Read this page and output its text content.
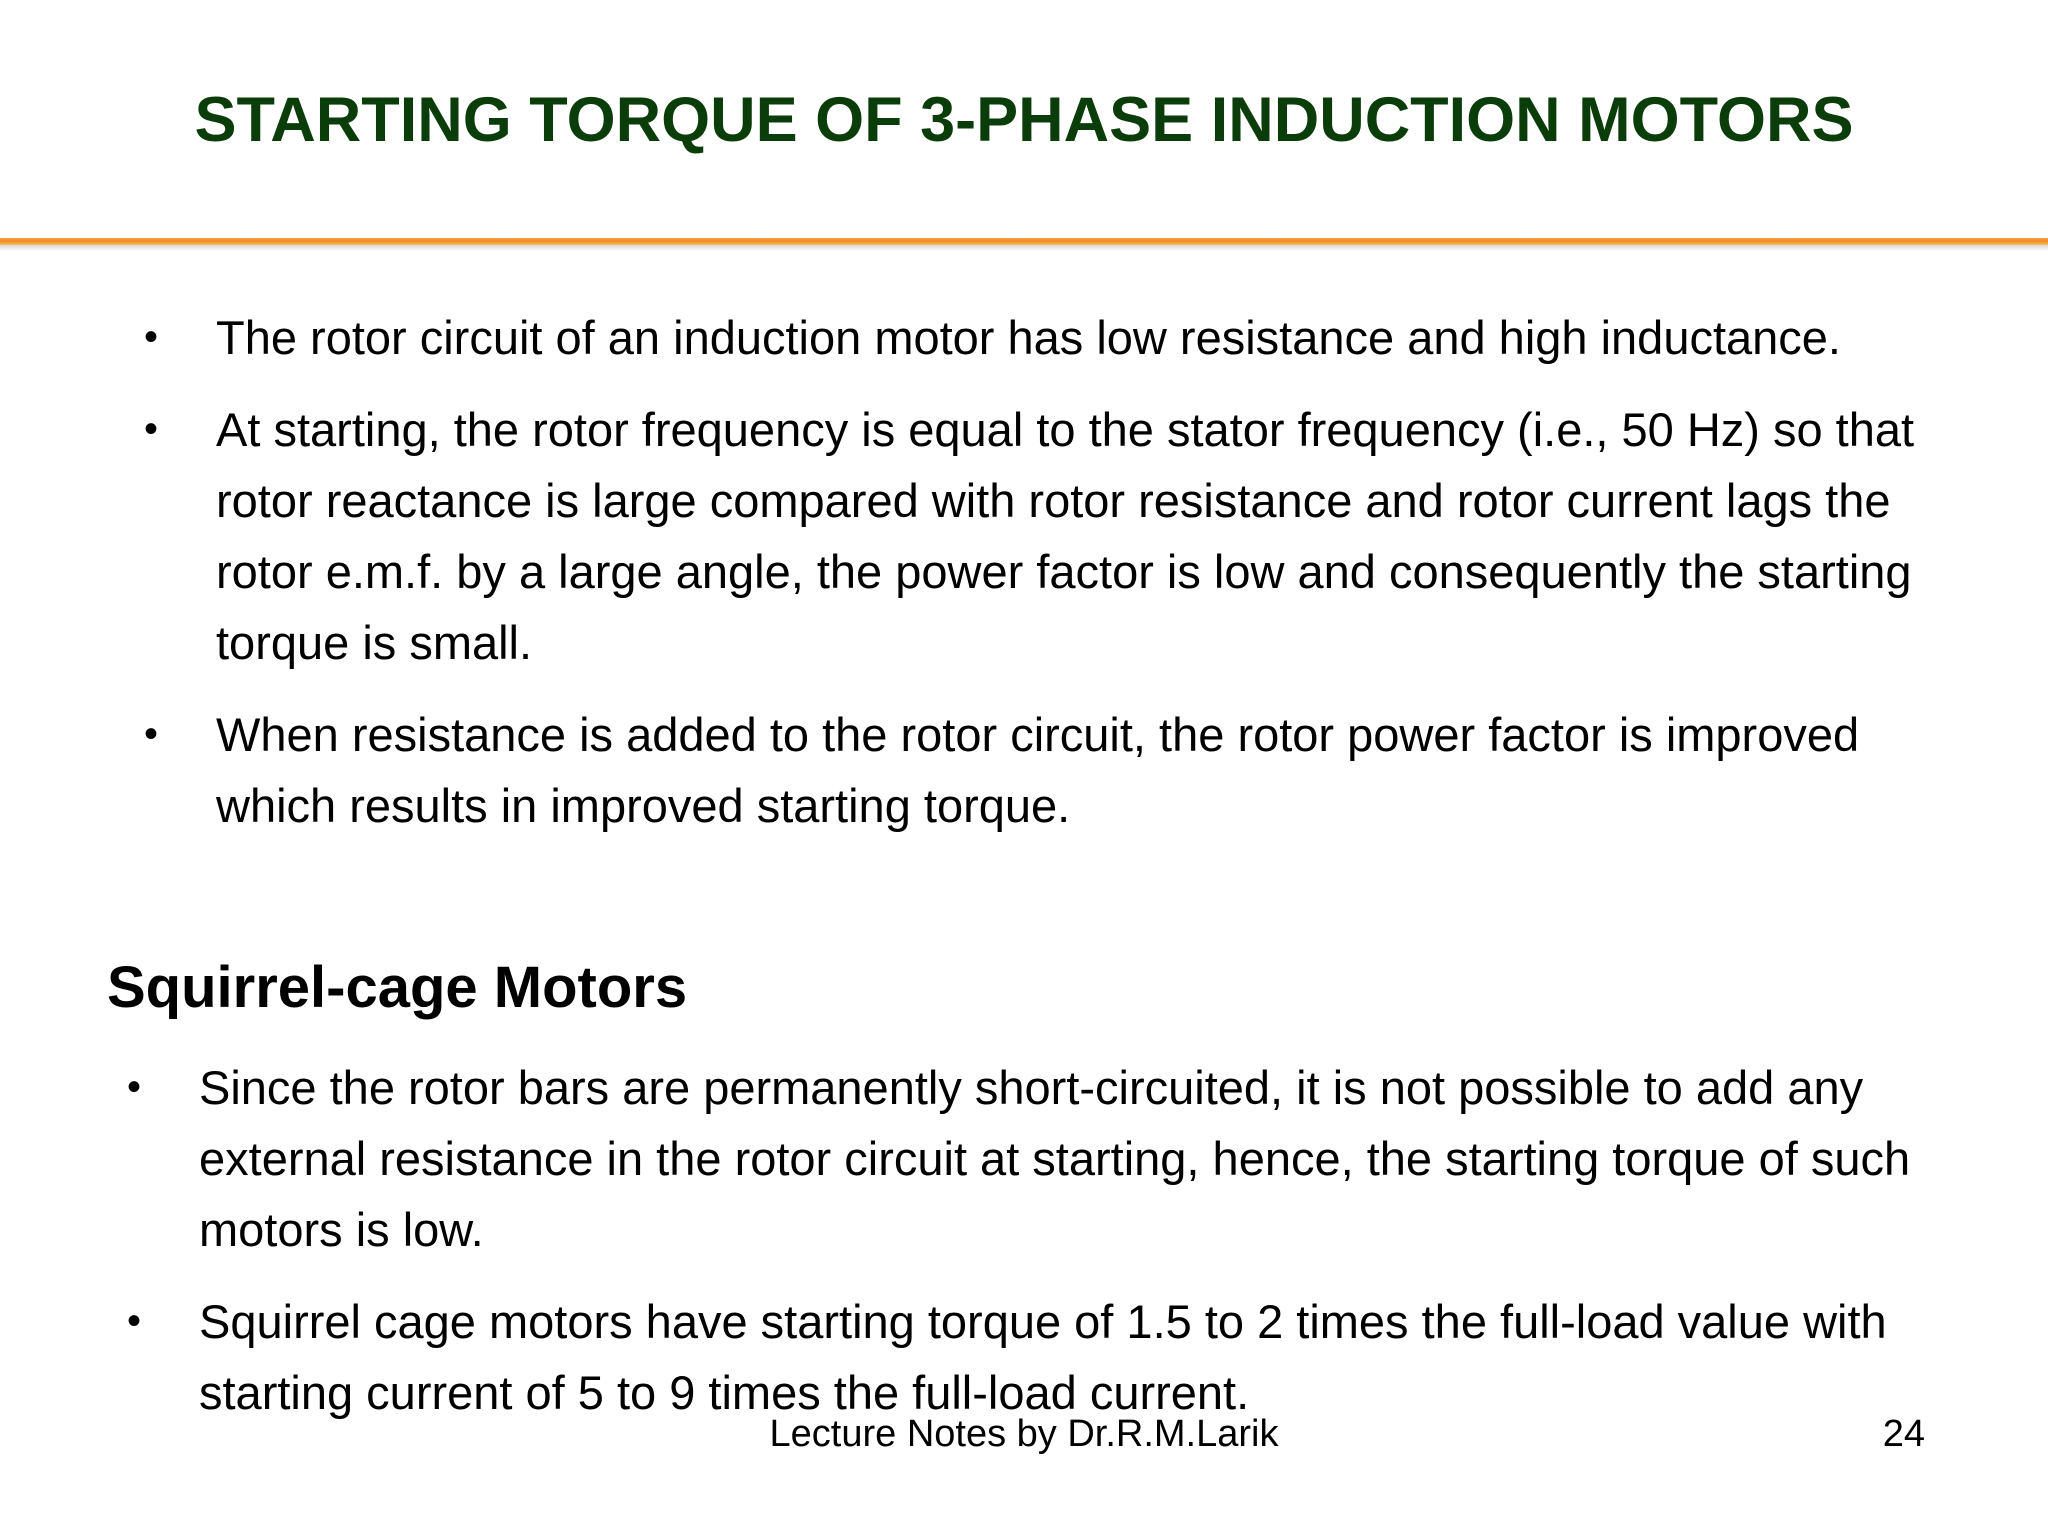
STARTING TORQUE OF 3-PHASE INDUCTION MOTORS
• The rotor circuit of an induction motor has low resistance and high inductance.
• At starting, the rotor frequency is equal to the stator frequency (i.e., 50 Hz) so that rotor reactance is large compared with rotor resistance and rotor current lags the rotor e.m.f. by a large angle, the power factor is low and consequently the starting torque is small.
• When resistance is added to the rotor circuit, the rotor power factor is improved which results in improved starting torque.
Squirrel-cage Motors
• Since the rotor bars are permanently short-circuited, it is not possible to add any external resistance in the rotor circuit at starting, hence, the starting torque of such motors is low.
• Squirrel cage motors have starting torque of 1.5 to 2 times the full-load value with starting current of 5 to 9 times the full-load current.
Lecture Notes by Dr.R.M.Larik	24
